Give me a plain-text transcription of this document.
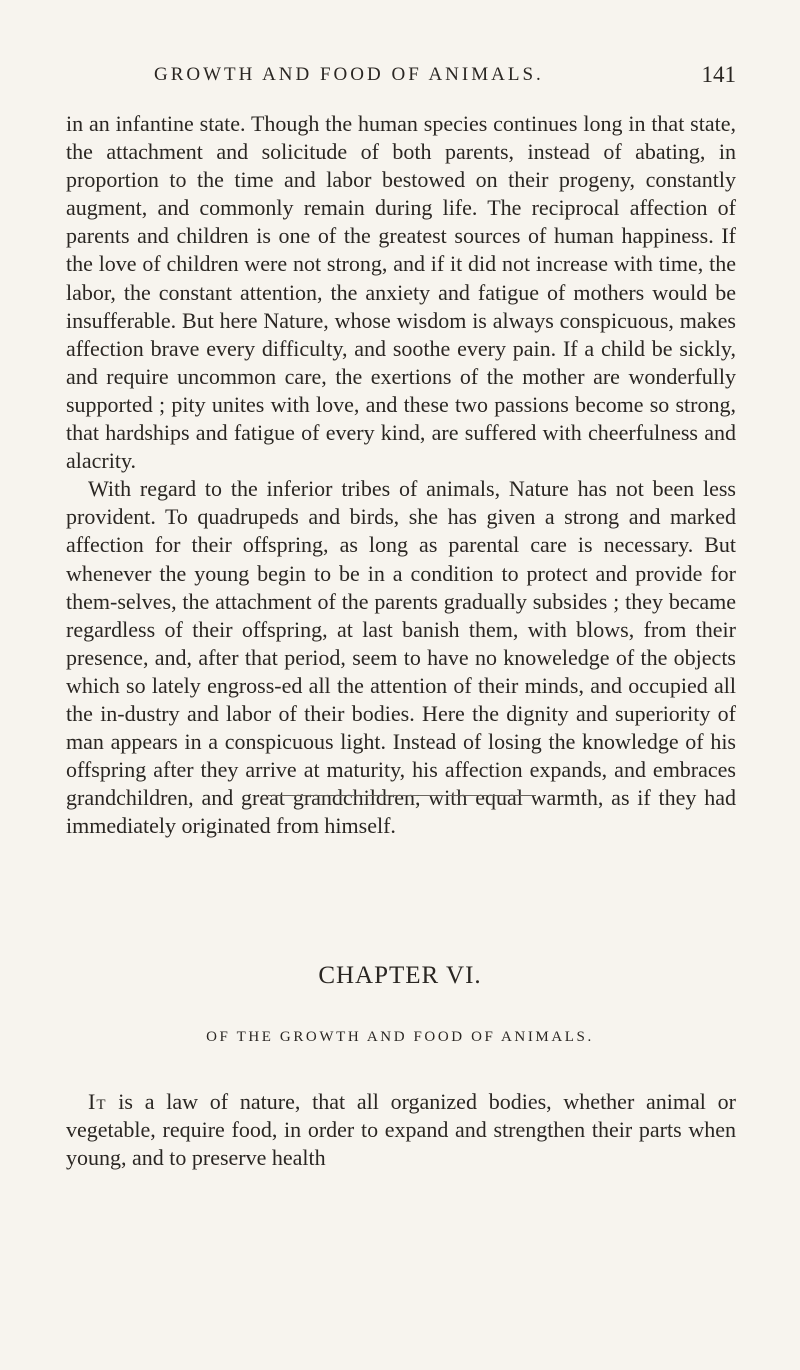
GROWTH AND FOOD OF ANIMALS.	141

in an infantine state. Though the human species continues long in that state, the attachment and solicitude of both parents, instead of abating, in proportion to the time and labor bestowed on their progeny, constantly augment, and commonly remain during life. The reciprocal affection of parents and children is one of the greatest sources of human happiness. If the love of children were not strong, and if it did not increase with time, the labor, the constant attention, the anxiety and fatigue of mothers would be insufferable. But here Nature, whose wisdom is always conspicuous, makes affection brave every difficulty, and soothe every pain. If a child be sickly, and require uncommon care, the exertions of the mother are wonderfully supported ; pity unites with love, and these two passions become so strong, that hardships and fatigue of every kind, are suffered with cheerfulness and alacrity.

With regard to the inferior tribes of animals, Nature has not been less provident. To quadrupeds and birds, she has given a strong and marked affection for their offspring, as long as parental care is necessary. But whenever the young begin to be in a condition to protect and provide for them-selves, the attachment of the parents gradually subsides ; they became regardless of their offspring, at last banish them, with blows, from their presence, and, after that period, seem to have no knoweledge of the objects which so lately engross-ed all the attention of their minds, and occupied all the in-dustry and labor of their bodies. Here the dignity and superiority of man appears in a conspicuous light. Instead of losing the knowledge of his offspring after they arrive at maturity, his affection expands, and embraces grandchildren, and great grandchildren, with equal warmth, as if they had immediately originated from himself.

CHAPTER VI.
OF THE GROWTH AND FOOD OF ANIMALS.

It is a law of nature, that all organized bodies, whether animal or vegetable, require food, in order to expand and strengthen their parts when young, and to preserve health
